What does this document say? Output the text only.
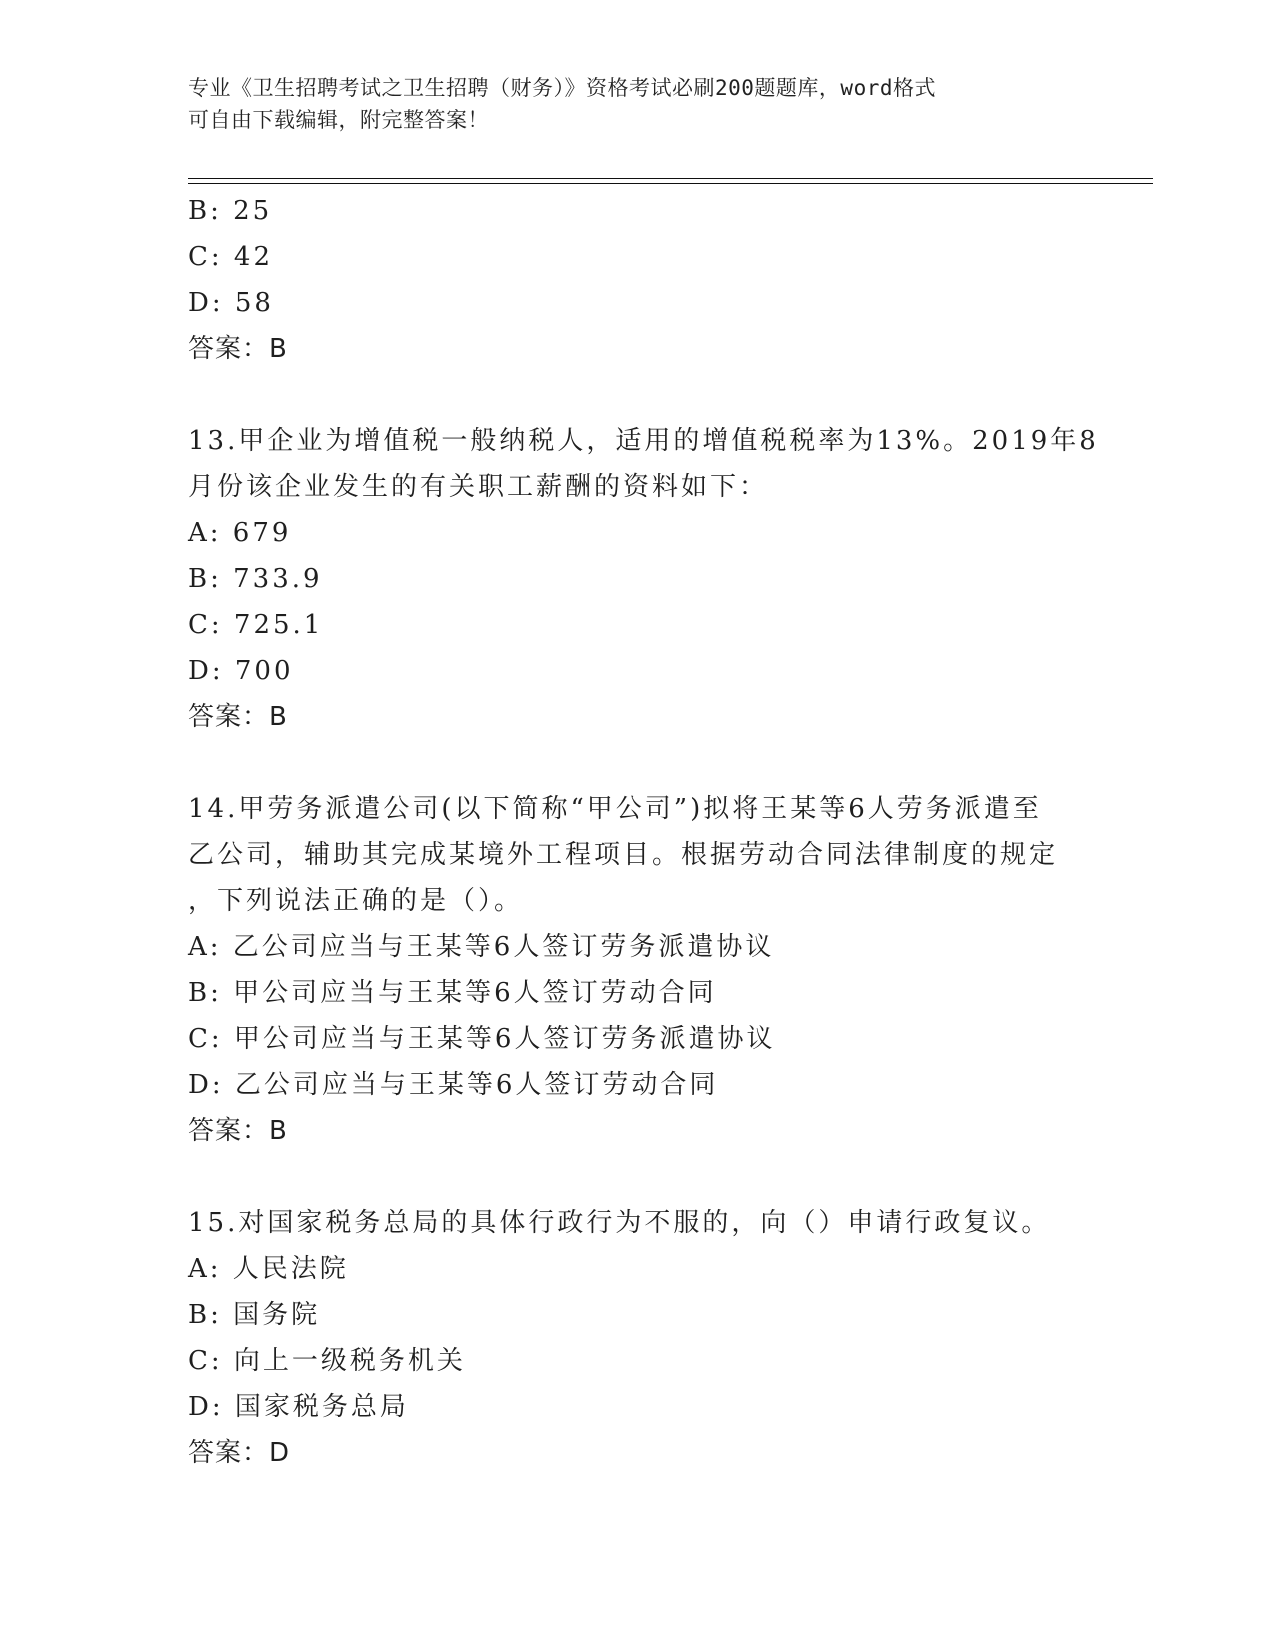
专业《卫生招聘考试之卫生招聘（财务）》资格考试必刷200题题库，word格式
可自由下载编辑，附完整答案！
B: 25
C: 42
D: 58
答案：B
13.甲企业为增值税一般纳税人，适用的增值税税率为13%。2019年8
月份该企业发生的有关职工薪酬的资料如下：
A: 679
B: 733.9
C: 725.1
D: 700
答案：B
14.甲劳务派遣公司(以下简称“甲公司”)拟将王某等6人劳务派遣至
乙公司，辅助其完成某境外工程项目。根据劳动合同法律制度的规定
，下列说法正确的是（）。
A: 乙公司应当与王某等6人签订劳务派遣协议
B: 甲公司应当与王某等6人签订劳动合同
C: 甲公司应当与王某等6人签订劳务派遣协议
D: 乙公司应当与王某等6人签订劳动合同
答案：B
15.对国家税务总局的具体行政行为不服的，向（）申请行政复议。
A: 人民法院
B: 国务院
C: 向上一级税务机关
D: 国家税务总局
答案：D
